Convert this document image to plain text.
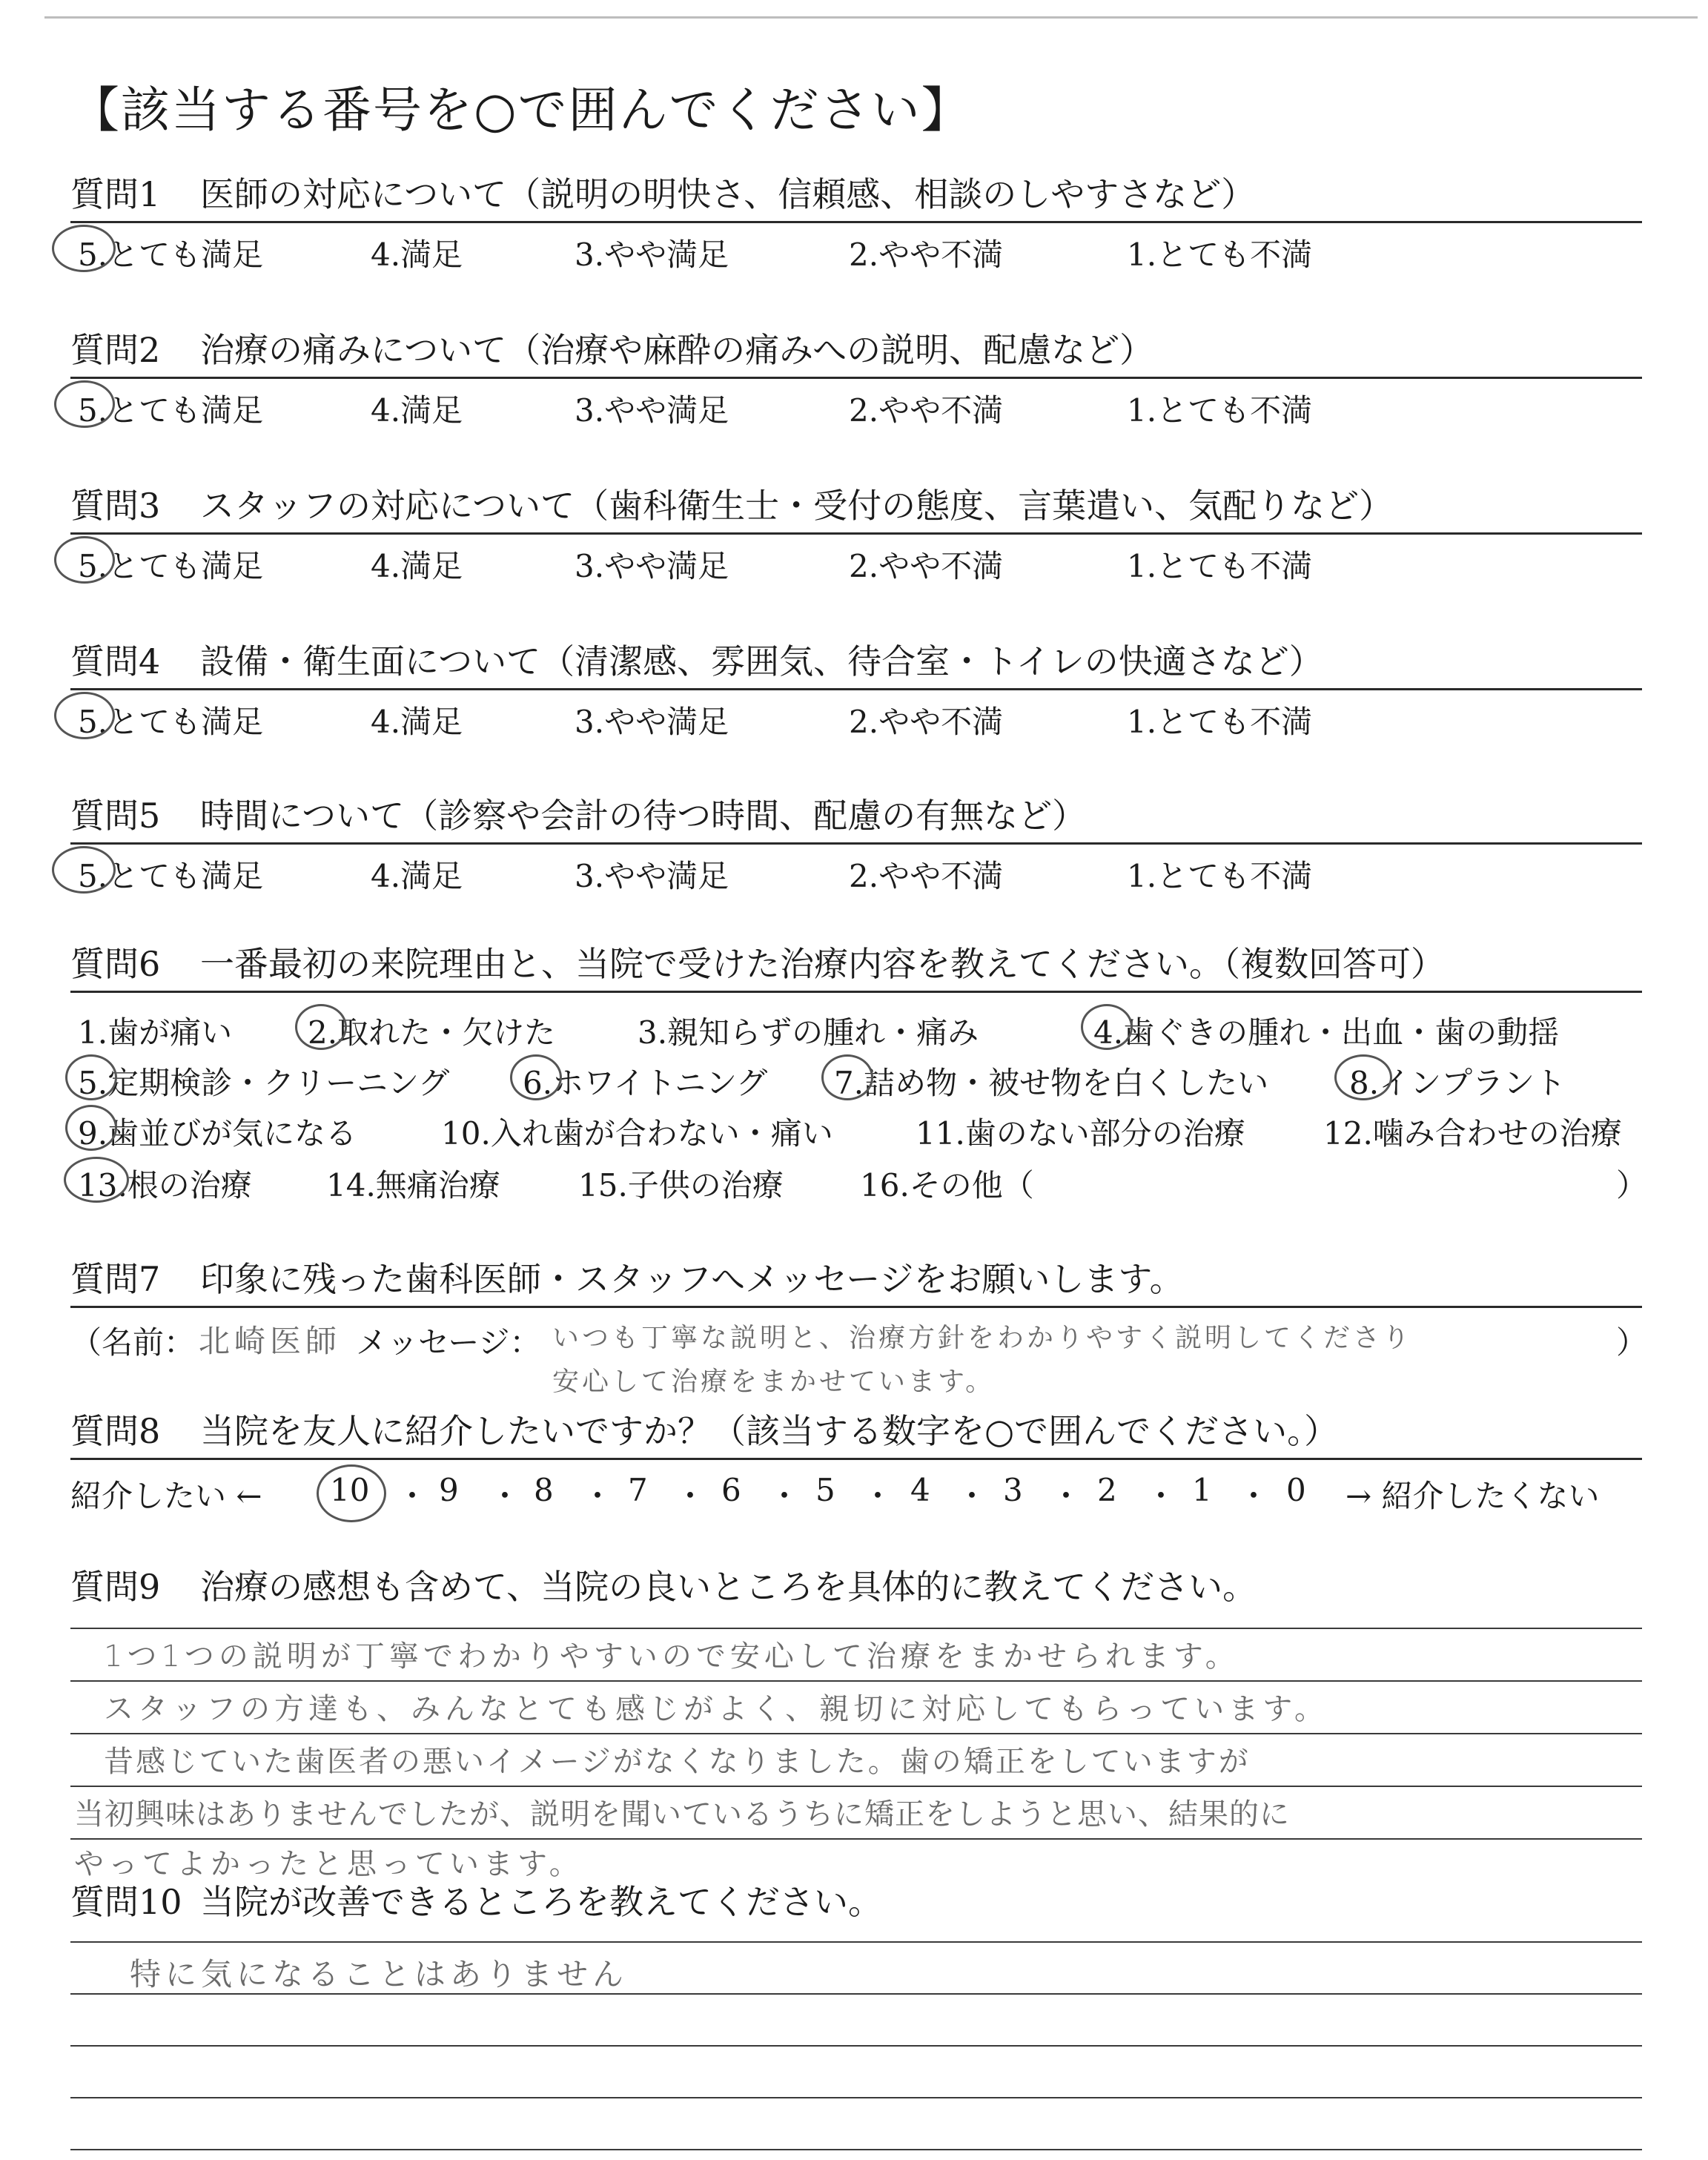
【該当する番号を○で囲んでください】
質問1 医師の対応について（説明の明快さ、信頼感、相談のしやすさなど）
5.とても満足	4.満足	3.やや満足	2.やや不満	1.とても不満
質問2 治療の痛みについて（治療や麻酔の痛みへの説明、配慮など）
5.とても満足	4.満足	3.やや満足	2.やや不満	1.とても不満
質問3 スタッフの対応について（歯科衛生士・受付の態度、言葉遣い、気配りなど）
5.とても満足	4.満足	3.やや満足	2.やや不満	1.とても不満
質問4 設備・衛生面について（清潔感、雰囲気、待合室・トイレの快適さなど）
5.とても満足	4.満足	3.やや満足	2.やや不満	1.とても不満
質問5 時間について（診察や会計の待つ時間、配慮の有無など）
5.とても満足	4.満足	3.やや満足	2.やや不満	1.とても不満
質問6 一番最初の来院理由と、当院で受けた治療内容を教えてください。（複数回答可）
1.歯が痛い 2.取れた・欠けた	3.親知らずの腫れ・痛み	4.歯ぐきの腫れ・出血・歯の動揺
5.定期検診・クリーニング 6.ホワイトニング 7.詰め物・被せ物を白くしたい	8.インプラント
9.歯並びが気になる	10.入れ歯が合わない・痛い	11.歯のない部分の治療	12.噛み合わせの治療
13.根の治療 14.無痛治療	15.子供の治療 16.その他（	）
質問7 印象に残った歯科医師・スタッフへメッセージをお願いします。
（名前： 北崎医師 メッセージ： いつも丁寧な説明と、治療方針をわかりやすく説明してくださり
安心して治療をまかせています。
）
質問8 当院を友人に紹介したいですか？（該当する数字を○で囲んでください。）
紹介したい ← 10 ・ 9 ・ 8 ・ 7 ・ 6 ・ 5 ・ 4 ・ 3 ・ 2 ・ 1 ・ 0 → 紹介したくない
質問9 治療の感想も含めて、当院の良いところを具体的に教えてください。
1つ1つの説明が丁寧でわかりやすいので安心して治療をまかせられます。
スタッフの方達も、みんなとても感じがよく、親切に対応してもらっています。
昔感じていた歯医者の悪いイメージがなくなりました。歯の矯正をしていますが
当初興味はありませんでしたが、説明を聞いているうちに矯正をしようと思い、結果的に
やってよかったと思っています。
質問10 当院が改善できるところを教えてください。
特に気になることはありません
